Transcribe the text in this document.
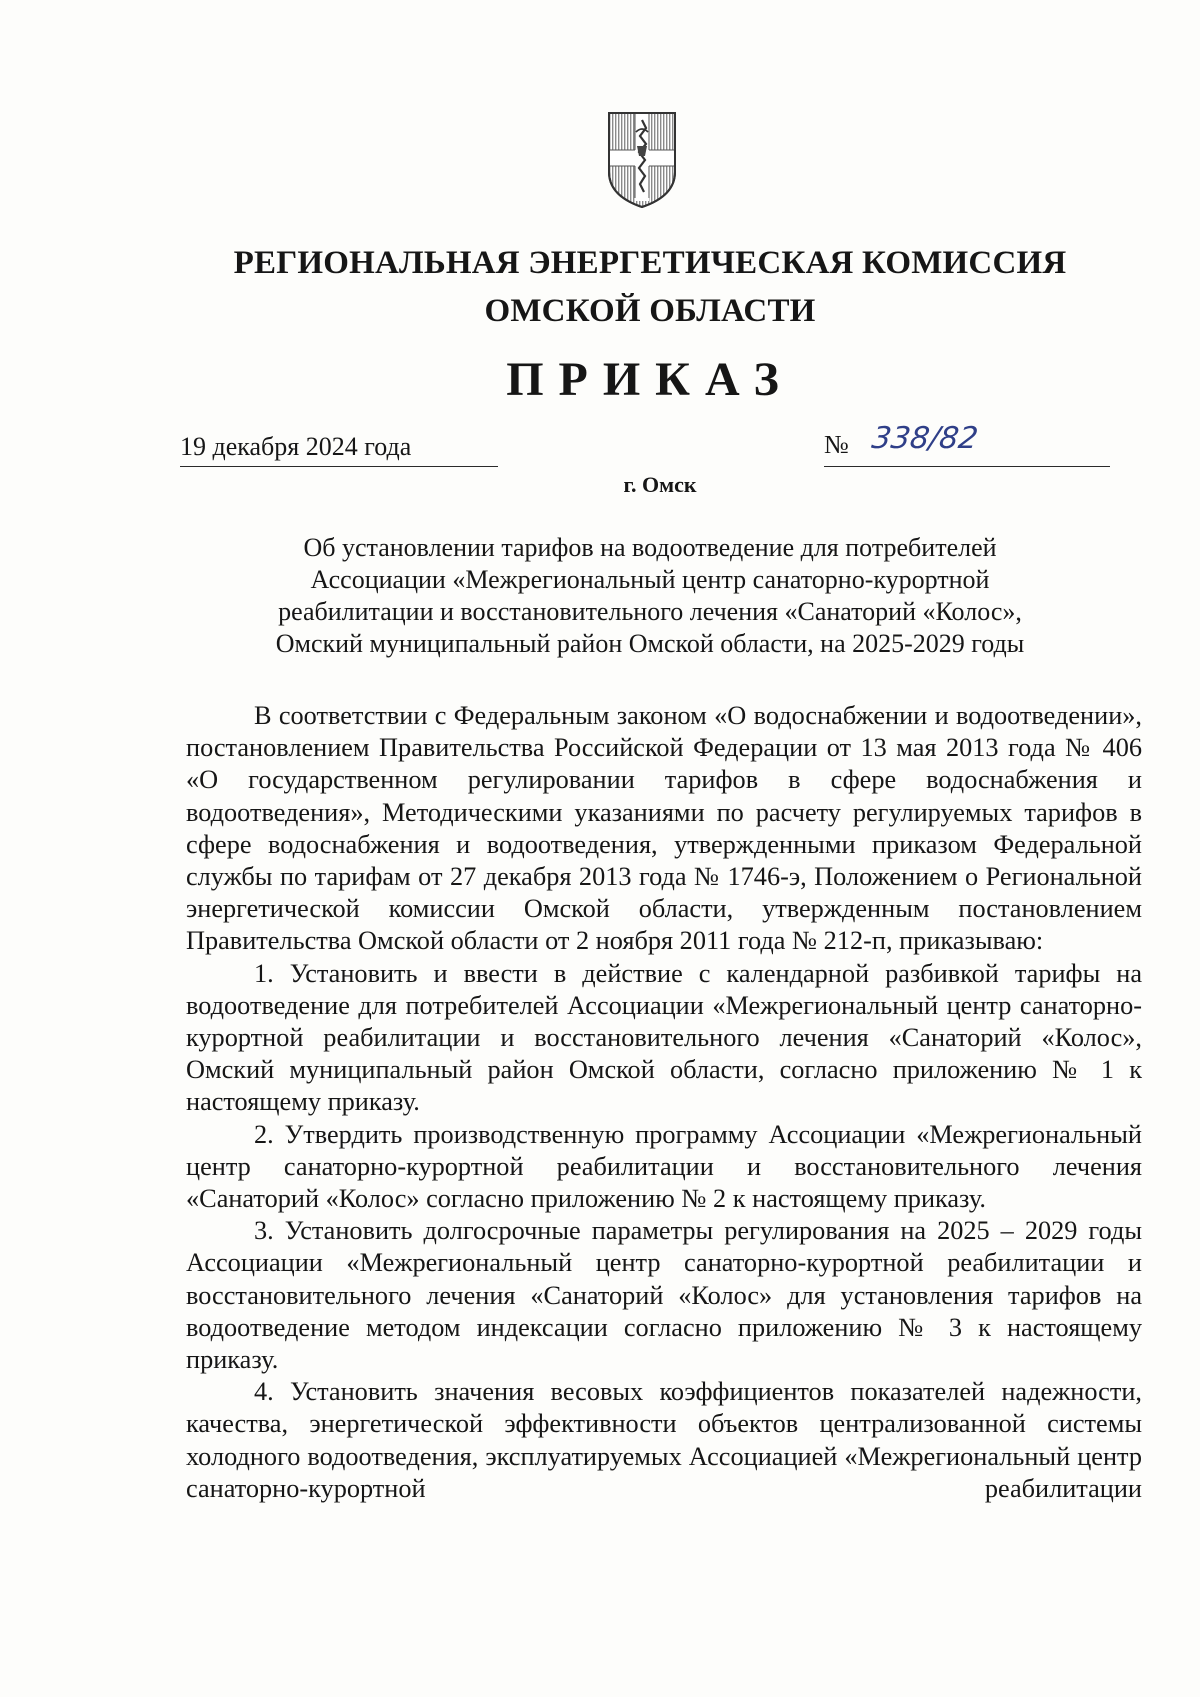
РЕГИОНАЛЬНАЯ ЭНЕРГЕТИЧЕСКАЯ КОМИССИЯ
ОМСКОЙ ОБЛАСТИ
ПРИКАЗ
19 декабря 2024 года	№ 338/82
г. Омск
Об установлении тарифов на водоотведение для потребителей
Ассоциации «Межрегиональный центр санаторно-курортной
реабилитации и восстановительного лечения «Санаторий «Колос»,
Омский муниципальный район Омской области, на 2025-2029 годы

В соответствии с Федеральным законом «О водоснабжении и водоотведении», постановлением Правительства Российской Федерации от 13 мая 2013 года № 406 «О государственном регулировании тарифов в сфере водоснабжения и водоотведения», Методическими указаниями по расчету регулируемых тарифов в сфере водоснабжения и водоотведения, утвержденными приказом Федеральной службы по тарифам от 27 декабря 2013 года № 1746-э, Положением о Региональной энергетической комиссии Омской области, утвержденным постановлением Правительства Омской области от 2 ноября 2011 года № 212-п, приказываю:

1. Установить и ввести в действие с календарной разбивкой тарифы на водоотведение для потребителей Ассоциации «Межрегиональный центр санаторно-курортной реабилитации и восстановительного лечения «Санаторий «Колос», Омский муниципальный район Омской области, согласно приложению № 1 к настоящему приказу.

2. Утвердить производственную программу Ассоциации «Межрегиональный центр санаторно-курортной реабилитации и восстановительного лечения «Санаторий «Колос» согласно приложению № 2 к настоящему приказу.

3. Установить долгосрочные параметры регулирования на 2025 – 2029 годы Ассоциации «Межрегиональный центр санаторно-курортной реабилитации и восстановительного лечения «Санаторий «Колос» для установления тарифов на водоотведение методом индексации согласно приложению № 3 к настоящему приказу.

4. Установить значения весовых коэффициентов показателей надежности, качества, энергетической эффективности объектов централизованной системы холодного водоотведения, эксплуатируемых Ассоциацией «Межрегиональный центр санаторно-курортной реабилитации
